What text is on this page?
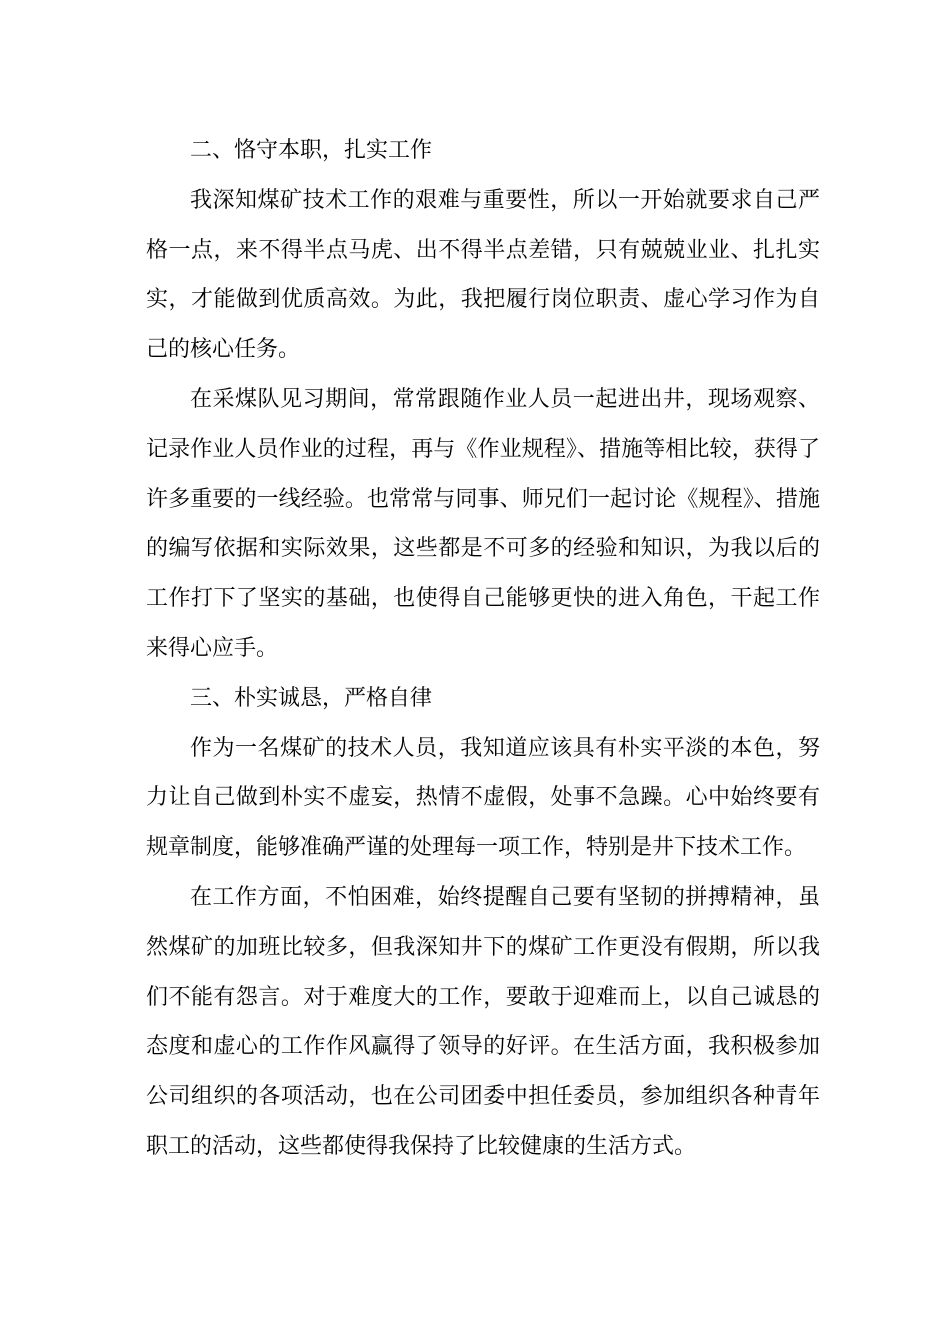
二、恪守本职，扎实工作

我深知煤矿技术工作的艰难与重要性，所以一开始就要求自己严格一点，来不得半点马虎、出不得半点差错，只有兢兢业业、扎扎实实，才能做到优质高效。为此，我把履行岗位职责、虚心学习作为自己的核心任务。

在采煤队见习期间，常常跟随作业人员一起进出井，现场观察、记录作业人员作业的过程，再与《作业规程》、措施等相比较，获得了许多重要的一线经验。也常常与同事、师兄们一起讨论《规程》、措施的编写依据和实际效果，这些都是不可多的经验和知识，为我以后的工作打下了坚实的基础，也使得自己能够更快的进入角色，干起工作来得心应手。

三、朴实诚恳，严格自律

作为一名煤矿的技术人员，我知道应该具有朴实平淡的本色，努力让自己做到朴实不虚妄，热情不虚假，处事不急躁。心中始终要有规章制度，能够准确严谨的处理每一项工作，特别是井下技术工作。

在工作方面，不怕困难，始终提醒自己要有坚韧的拼搏精神，虽然煤矿的加班比较多，但我深知井下的煤矿工作更没有假期，所以我们不能有怨言。对于难度大的工作，要敢于迎难而上，以自己诚恳的态度和虚心的工作作风赢得了领导的好评。在生活方面，我积极参加公司组织的各项活动，也在公司团委中担任委员，参加组织各种青年职工的活动，这些都使得我保持了比较健康的生活方式。
